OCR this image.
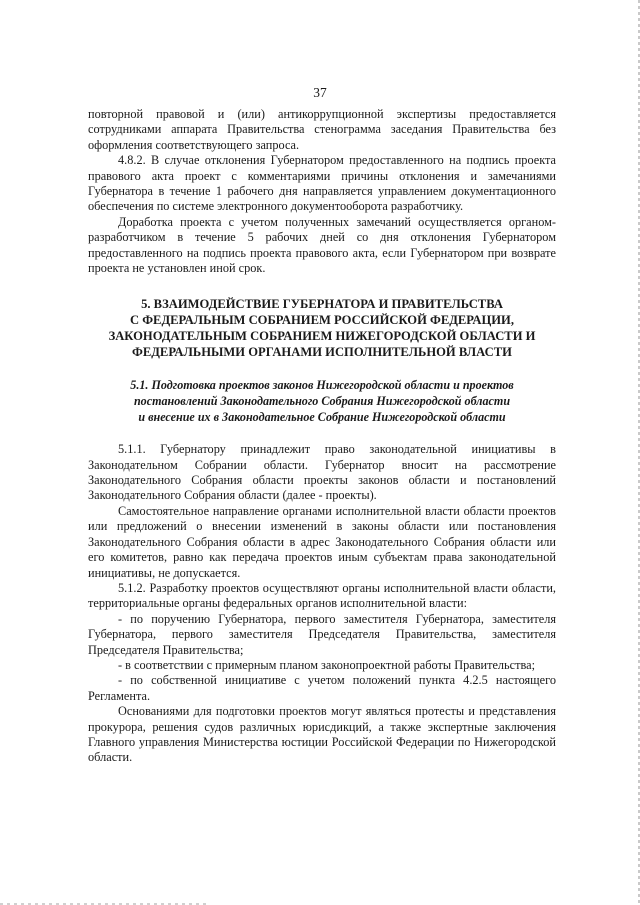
37

повторной правовой и (или) антикоррупционной экспертизы предоставляется сотрудниками аппарата Правительства стенограмма заседания Правительства без оформления соответствующего запроса.

4.8.2. В случае отклонения Губернатором предоставленного на подпись проекта правового акта проект с комментариями причины отклонения и замечаниями Губернатора в течение 1 рабочего дня направляется управлением документационного обеспечения по системе электронного документооборота разработчику.

Доработка проекта с учетом полученных замечаний осуществляется органом-разработчиком в течение 5 рабочих дней со дня отклонения Губернатором предоставленного на подпись проекта правового акта, если Губернатором при возврате проекта не установлен иной срок.

5. ВЗАИМОДЕЙСТВИЕ ГУБЕРНАТОРА И ПРАВИТЕЛЬСТВА
С ФЕДЕРАЛЬНЫМ СОБРАНИЕМ РОССИЙСКОЙ ФЕДЕРАЦИИ,
ЗАКОНОДАТЕЛЬНЫМ СОБРАНИЕМ НИЖЕГОРОДСКОЙ ОБЛАСТИ И
ФЕДЕРАЛЬНЫМИ ОРГАНАМИ ИСПОЛНИТЕЛЬНОЙ ВЛАСТИ
5.1. Подготовка проектов законов Нижегородской области и проектов
постановлений Законодательного Собрания Нижегородской области
и внесение их в Законодательное Собрание Нижегородской области

5.1.1. Губернатору принадлежит право законодательной инициативы в Законодательном Собрании области. Губернатор вносит на рассмотрение Законодательного Собрания области проекты законов области и постановлений Законодательного Собрания области (далее - проекты).

Самостоятельное направление органами исполнительной власти области проектов или предложений о внесении изменений в законы области или постановления Законодательного Собрания области в адрес Законодательного Собрания области или его комитетов, равно как передача проектов иным субъектам права законодательной инициативы, не допускается.

5.1.2. Разработку проектов осуществляют органы исполнительной власти области, территориальные органы федеральных органов исполнительной власти:

- по поручению Губернатора, первого заместителя Губернатора, заместителя Губернатора, первого заместителя Председателя Правительства, заместителя Председателя Правительства;

- в соответствии с примерным планом законопроектной работы Правительства;

- по собственной инициативе с учетом положений пункта 4.2.5 настоящего Регламента.

Основаниями для подготовки проектов могут являться протесты и представления прокурора, решения судов различных юрисдикций, а также экспертные заключения Главного управления Министерства юстиции Российской Федерации по Нижегородской области.
